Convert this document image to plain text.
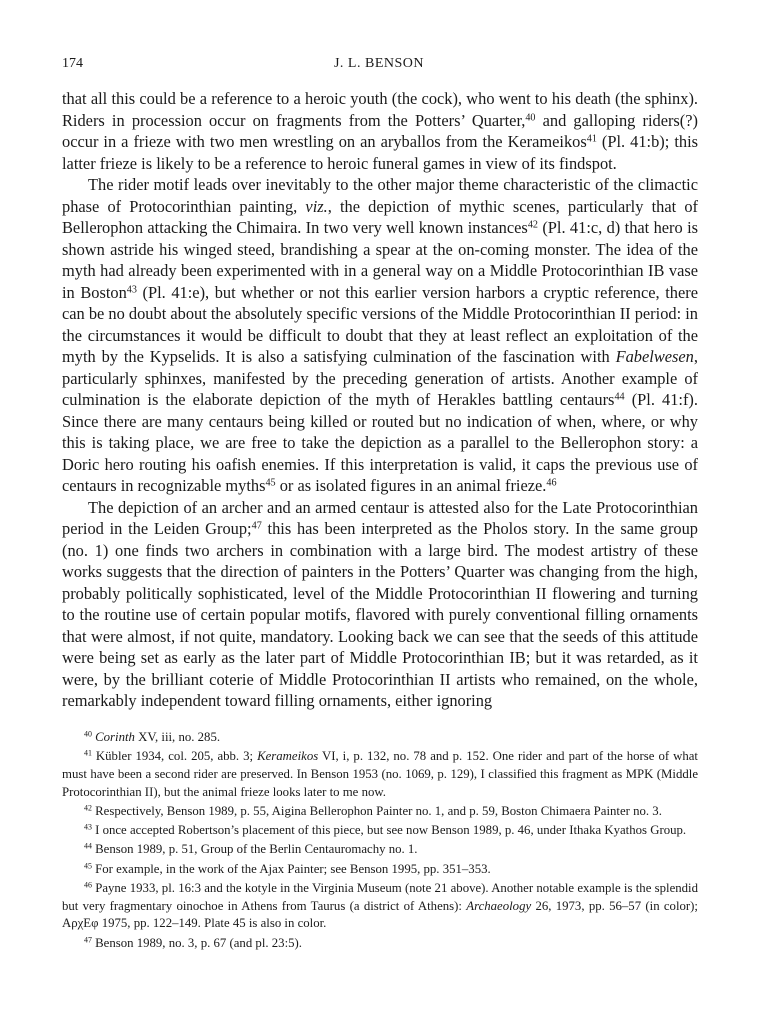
174	J. L. BENSON

that all this could be a reference to a heroic youth (the cock), who went to his death (the sphinx). Riders in procession occur on fragments from the Potters’ Quarter,$^{40}$ and galloping riders(?) occur in a frieze with two men wrestling on an aryballos from the Kerameikos$^{41}$ (Pl. 41:b); this latter frieze is likely to be a reference to heroic funeral games in view of its findspot.

The rider motif leads over inevitably to the other major theme characteristic of the climactic phase of Protocorinthian painting, viz., the depiction of mythic scenes, particularly that of Bellerophon attacking the Chimaira. In two very well known instances$^{42}$ (Pl. 41:c, d) that hero is shown astride his winged steed, brandishing a spear at the on-coming monster. The idea of the myth had already been experimented with in a general way on a Middle Protocorinthian IB vase in Boston$^{43}$ (Pl. 41:e), but whether or not this earlier version harbors a cryptic reference, there can be no doubt about the absolutely specific versions of the Middle Protocorinthian II period: in the circumstances it would be difficult to doubt that they at least reflect an exploitation of the myth by the Kypselids. It is also a satisfying culmination of the fascination with Fabelwesen, particularly sphinxes, manifested by the preceding generation of artists. Another example of culmination is the elaborate depiction of the myth of Herakles battling centaurs$^{44}$ (Pl. 41:f). Since there are many centaurs being killed or routed but no indication of when, where, or why this is taking place, we are free to take the depiction as a parallel to the Bellerophon story: a Doric hero routing his oafish enemies. If this interpretation is valid, it caps the previous use of centaurs in recognizable myths$^{45}$ or as isolated figures in an animal frieze.$^{46}$

The depiction of an archer and an armed centaur is attested also for the Late Protocorinthian period in the Leiden Group;$^{47}$ this has been interpreted as the Pholos story. In the same group (no. 1) one finds two archers in combination with a large bird. The modest artistry of these works suggests that the direction of painters in the Potters’ Quarter was changing from the high, probably politically sophisticated, level of the Middle Protocorinthian II flowering and turning to the routine use of certain popular motifs, flavored with purely conventional filling ornaments that were almost, if not quite, mandatory. Looking back we can see that the seeds of this attitude were being set as early as the later part of Middle Protocorinthian IB; but it was retarded, as it were, by the brilliant coterie of Middle Protocorinthian II artists who remained, on the whole, remarkably independent toward filling ornaments, either ignoring

$^{40}$ Corinth XV, iii, no. 285.
$^{41}$ Kübler 1934, col. 205, abb. 3; Kerameikos VI, i, p. 132, no. 78 and p. 152. One rider and part of the horse of what must have been a second rider are preserved. In Benson 1953 (no. 1069, p. 129), I classified this fragment as MPK (Middle Protocorinthian II), but the animal frieze looks later to me now.
$^{42}$ Respectively, Benson 1989, p. 55, Aigina Bellerophon Painter no. 1, and p. 59, Boston Chimaera Painter no. 3.
$^{43}$ I once accepted Robertson’s placement of this piece, but see now Benson 1989, p. 46, under Ithaka Kyathos Group.
$^{44}$ Benson 1989, p. 51, Group of the Berlin Centauromachy no. 1.
$^{45}$ For example, in the work of the Ajax Painter; see Benson 1995, pp. 351–353.
$^{46}$ Payne 1933, pl. 16:3 and the kotyle in the Virginia Museum (note 21 above). Another notable example is the splendid but very fragmentary oinochoe in Athens from Taurus (a district of Athens): Archaeology 26, 1973, pp. 56–57 (in color); ΑρχΕφ 1975, pp. 122–149. Plate 45 is also in color.
$^{47}$ Benson 1989, no. 3, p. 67 (and pl. 23:5).
